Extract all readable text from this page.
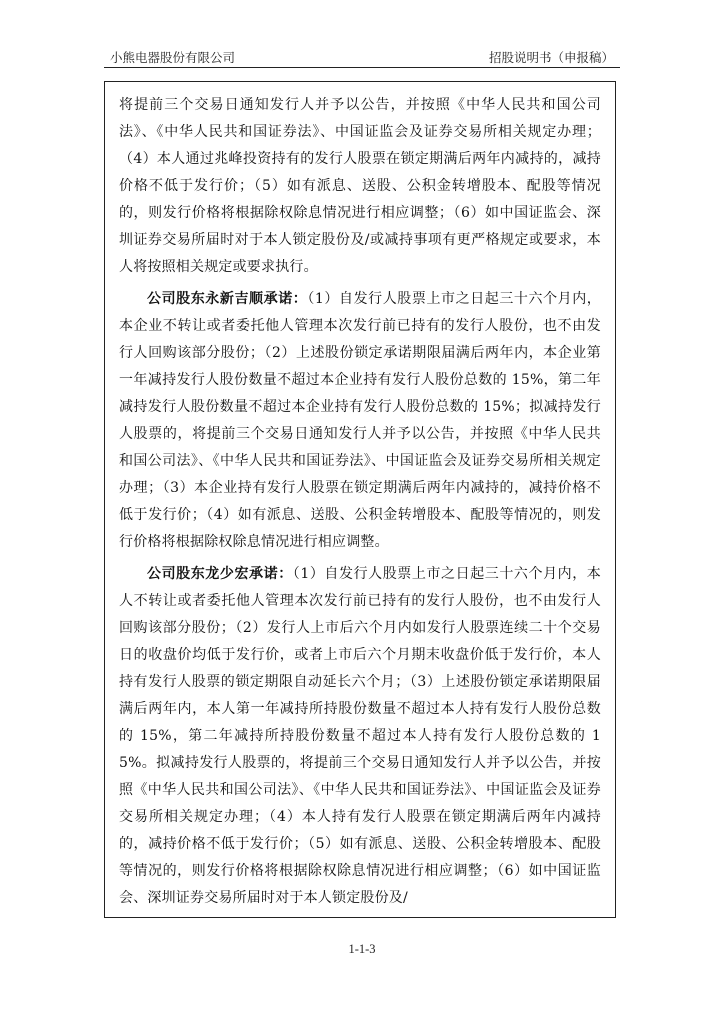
小熊电器股份有限公司	招股说明书（申报稿）

将提前三个交易日通知发行人并予以公告，并按照《中华人民共和国公司法》、《中华人民共和国证券法》、中国证监会及证券交易所相关规定办理；（4）本人通过兆峰投资持有的发行人股票在锁定期满后两年内减持的，减持价格不低于发行价；（5）如有派息、送股、公积金转增股本、配股等情况的，则发行价格将根据除权除息情况进行相应调整；（6）如中国证监会、深圳证券交易所届时对于本人锁定股份及/或减持事项有更严格规定或要求，本人将按照相关规定或要求执行。

公司股东永新吉顺承诺：（1）自发行人股票上市之日起三十六个月内，本企业不转让或者委托他人管理本次发行前已持有的发行人股份，也不由发行人回购该部分股份；（2）上述股份锁定承诺期限届满后两年内，本企业第一年减持发行人股份数量不超过本企业持有发行人股份总数的 15%，第二年减持发行人股份数量不超过本企业持有发行人股份总数的 15%；拟减持发行人股票的，将提前三个交易日通知发行人并予以公告，并按照《中华人民共和国公司法》、《中华人民共和国证券法》、中国证监会及证券交易所相关规定办理；（3）本企业持有发行人股票在锁定期满后两年内减持的，减持价格不低于发行价；（4）如有派息、送股、公积金转增股本、配股等情况的，则发行价格将根据除权除息情况进行相应调整。

公司股东龙少宏承诺：（1）自发行人股票上市之日起三十六个月内，本人不转让或者委托他人管理本次发行前已持有的发行人股份，也不由发行人回购该部分股份；（2）发行人上市后六个月内如发行人股票连续二十个交易日的收盘价均低于发行价，或者上市后六个月期末收盘价低于发行价，本人持有发行人股票的锁定期限自动延长六个月；（3）上述股份锁定承诺期限届满后两年内，本人第一年减持所持股份数量不超过本人持有发行人股份总数的 15%，第二年减持所持股份数量不超过本人持有发行人股份总数的 15%。拟减持发行人股票的，将提前三个交易日通知发行人并予以公告，并按照《中华人民共和国公司法》、《中华人民共和国证券法》、中国证监会及证券交易所相关规定办理；（4）本人持有发行人股票在锁定期满后两年内减持的，减持价格不低于发行价；（5）如有派息、送股、公积金转增股本、配股等情况的，则发行价格将根据除权除息情况进行相应调整；（6）如中国证监会、深圳证券交易所届时对于本人锁定股份及/

1-1-3
